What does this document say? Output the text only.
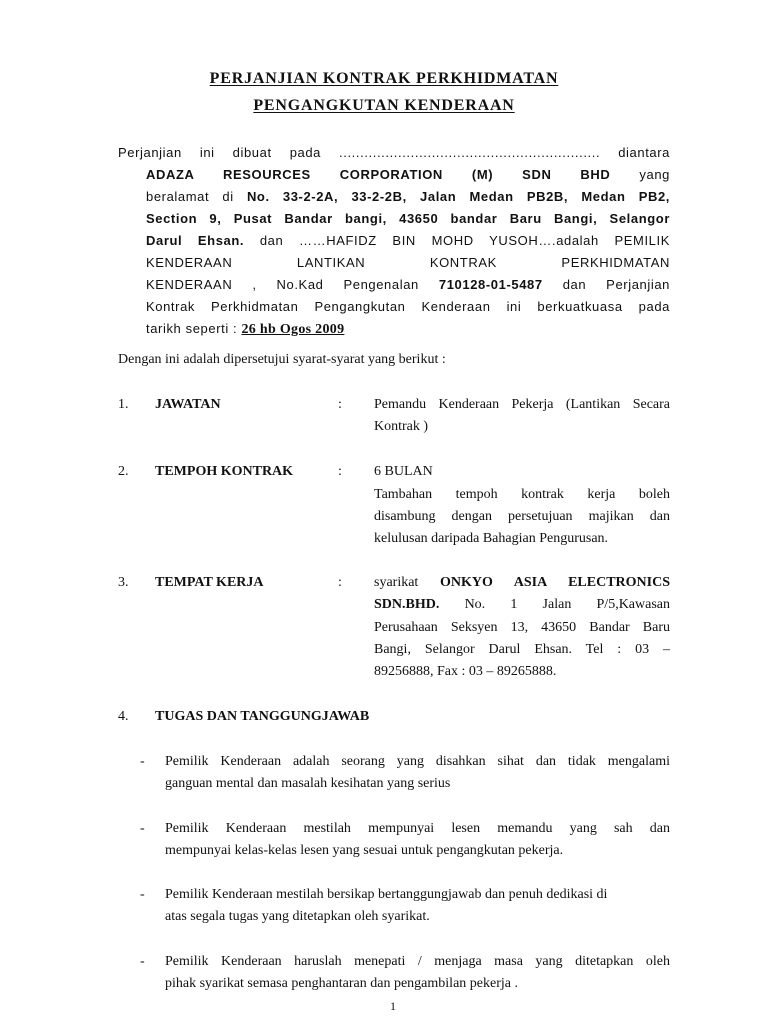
PERJANJIAN KONTRAK PERKHIDMATAN
PENGANGKUTAN KENDERAAN
Perjanjian ini dibuat pada .............................................................. diantara
ADAZA RESOURCES CORPORATION (M) SDN BHD yang
beralamat di No. 33-2-2A, 33-2-2B, Jalan Medan PB2B, Medan PB2,
Section 9, Pusat Bandar bangi, 43650 bandar Baru Bangi, Selangor
Darul Ehsan. dan ……HAFIDZ BIN MOHD YUSOH….adalah PEMILIK
KENDERAAN LANTIKAN KONTRAK PERKHIDMATAN
KENDERAAN , No.Kad Pengenalan 710128-01-5487 dan Perjanjian
Kontrak Perkhidmatan Pengangkutan Kenderaan ini berkuatkuasa pada
tarikh seperti : 26 hb Ogos 2009
Dengan ini adalah dipersetujui syarat-syarat yang berikut :
1. JAWATAN	: Pemandu Kenderaan Pekerja (Lantikan Secara
Kontrak )
2. TEMPOH KONTRAK	: 6 BULAN
Tambahan tempoh kontrak kerja boleh
disambung dengan persetujuan majikan dan
kelulusan daripada Bahagian Pengurusan.
3. TEMPAT KERJA	: syarikat ONKYO ASIA ELECTRONICS
SDN.BHD. No. 1 Jalan P/5,Kawasan
Perusahaan Seksyen 13, 43650 Bandar Baru
Bangi, Selangor Darul Ehsan. Tel : 03 –
89256888, Fax : 03 – 89265888.
4. TUGAS DAN TANGGUNGJAWAB
- Pemilik Kenderaan adalah seorang yang disahkan sihat dan tidak mengalami
ganguan mental dan masalah kesihatan yang serius
- Pemilik Kenderaan mestilah mempunyai lesen memandu yang sah dan
mempunyai kelas-kelas lesen yang sesuai untuk pengangkutan pekerja.
- Pemilik Kenderaan mestilah bersikap bertanggungjawab dan penuh dedikasi di
atas segala tugas yang ditetapkan oleh syarikat.
- Pemilik Kenderaan haruslah menepati / menjaga masa yang ditetapkan oleh
pihak syarikat semasa penghantaran dan pengambilan pekerja .
1
